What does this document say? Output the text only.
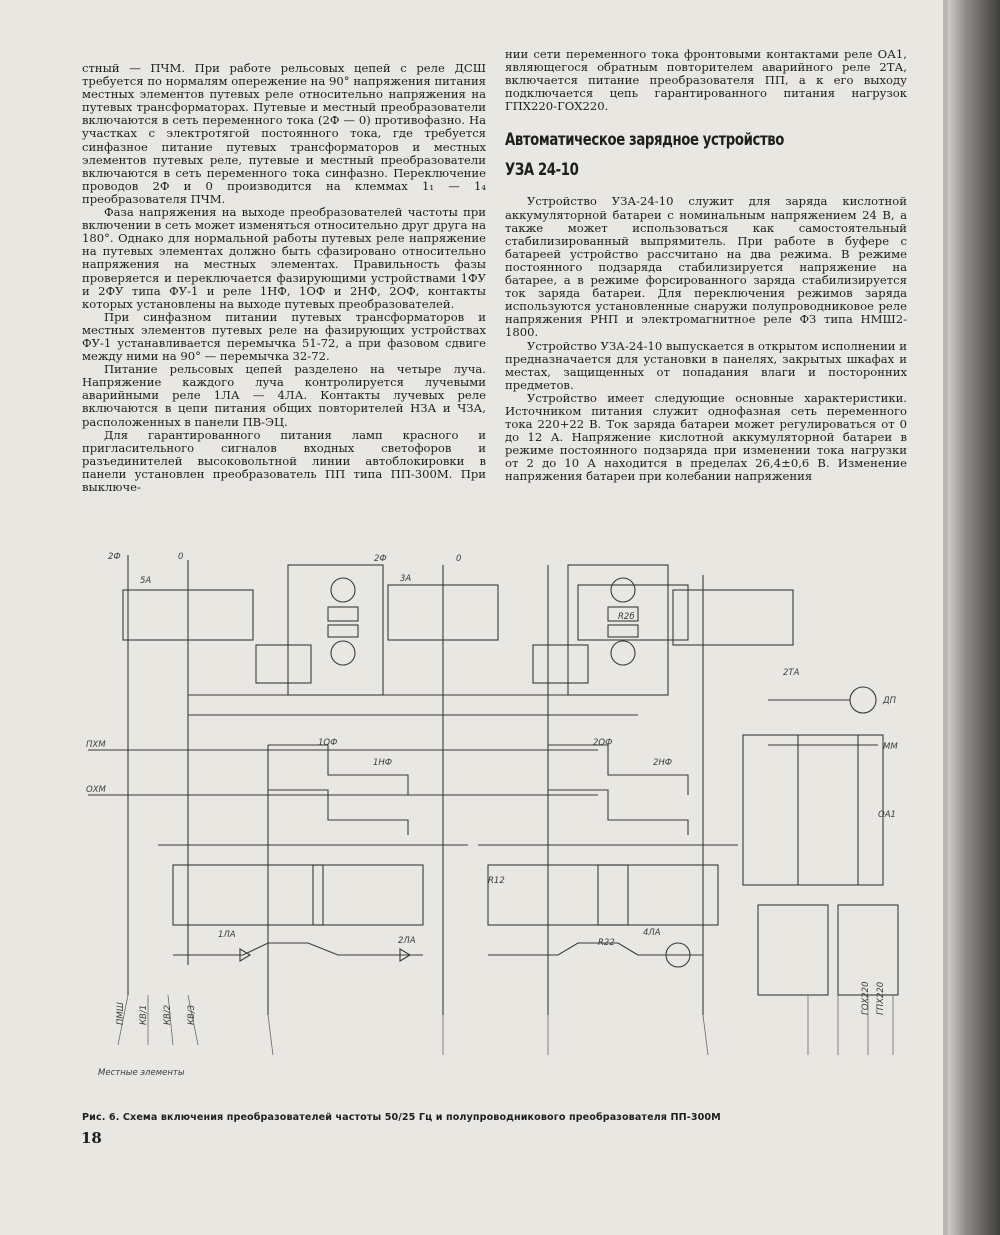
стный — ПЧМ. При работе рельсовых цепей с реле ДСШ требуется по нормалям опережение на 90° напряжения питания местных элементов путевых реле относительно напряжения на путевых трансформаторах. Путевые и местный преобразователи включаются в сеть переменного тока (2Ф — 0) противофазно. На участках с электротягой постоянного тока, где требуется синфазное питание путевых трансформаторов и местных элементов путевых реле, путевые и местный преобразователи включаются в сеть переменного тока синфазно. Переключение проводов 2Ф и 0 производится на клеммах 1₁ — 1₄ преобразователя ПЧМ.

Фаза напряжения на выходе преобразователей частоты при включении в сеть может изменяться относительно друг друга на 180°. Однако для нормальной работы путевых реле напряжение на путевых элементах должно быть сфазировано относительно напряжения на местных элементах. Правильность фазы проверяется и переключается фазирующими устройствами 1ФУ и 2ФУ типа ФУ-1 и реле 1НФ, 1ОФ и 2НФ, 2ОФ, контакты которых установлены на выходе путевых преобразователей.

При синфазном питании путевых трансформаторов и местных элементов путевых реле на фазирующих устройствах ФУ-1 устанавливается перемычка 51-72, а при фазовом сдвиге между ними на 90° — перемычка 32-72.

Питание рельсовых цепей разделено на четыре луча. Напряжение каждого луча контролируется лучевыми аварийными реле 1ЛА — 4ЛА. Контакты лучевых реле включаются в цепи питания общих повторителей НЗА и ЧЗА, расположенных в панели ПВ-ЭЦ.

Для гарантированного питания ламп красного и пригласительного сигналов входных светофоров и разъединителей высоковольтной линии автоблокировки в панели установлен преобразователь ПП типа ПП-300М. При выключе-

нии сети переменного тока фронтовыми контактами реле ОА1, являющегося обратным повторителем аварийного реле 2ТА, включается питание преобразователя ПП, а к его выходу подключается цепь гарантированного питания нагрузок ГПХ220-ГОХ220.

Автоматическое зарядное устройство
УЗА 24-10

Устройство УЗА-24-10 служит для заряда кислотной аккумуляторной батареи с номинальным напряжением 24 В, а также может использоваться как самостоятельный стабилизированный выпрямитель. При работе в буфере с батареей устройство рассчитано на два режима. В режиме постоянного подзаряда стабилизируется напряжение на батарее, а в режиме форсированного заряда стабилизируется ток заряда батареи. Для переключения режимов заряда используются установленные снаружи полупроводниковое реле напряжения РНП и электромагнитное реле ФЗ типа НМШ2-1800.

Устройство УЗА-24-10 выпускается в открытом исполнении и предназначается для установки в панелях, закрытых шкафах и местах, защищенных от попадания влаги и посторонних предметов.

Устройство имеет следующие основные характеристики. Источником питания служит однофазная сеть переменного тока 220+22 В. Ток заряда батареи может регулироваться от 0 до 12 А. Напряжение кислотной аккумуляторной батареи в режиме постоянного подзаряда при изменении тока нагрузки от 2 до 10 А находится в пределах 26,4±0,6 В. Изменение напряжения батареи при колебании напряжения

ПХМ
ОХМ
2Ф	0
5А	3А
2Ф	0
R2б
R12
R22
1ЛА
2ЛА
4ЛА
1НФ
1ОФ
2НФ
2ОФ
2ТА
ОА1
ДП
ММ
ГПХ220
ГОХ220
Местные элементы
ПМШ КВ/1 КВ/2 КВ/3
Рис. 6. Схема включения преобразователей частоты 50/25 Гц и полупроводникового преобразователя ПП-300М
18
